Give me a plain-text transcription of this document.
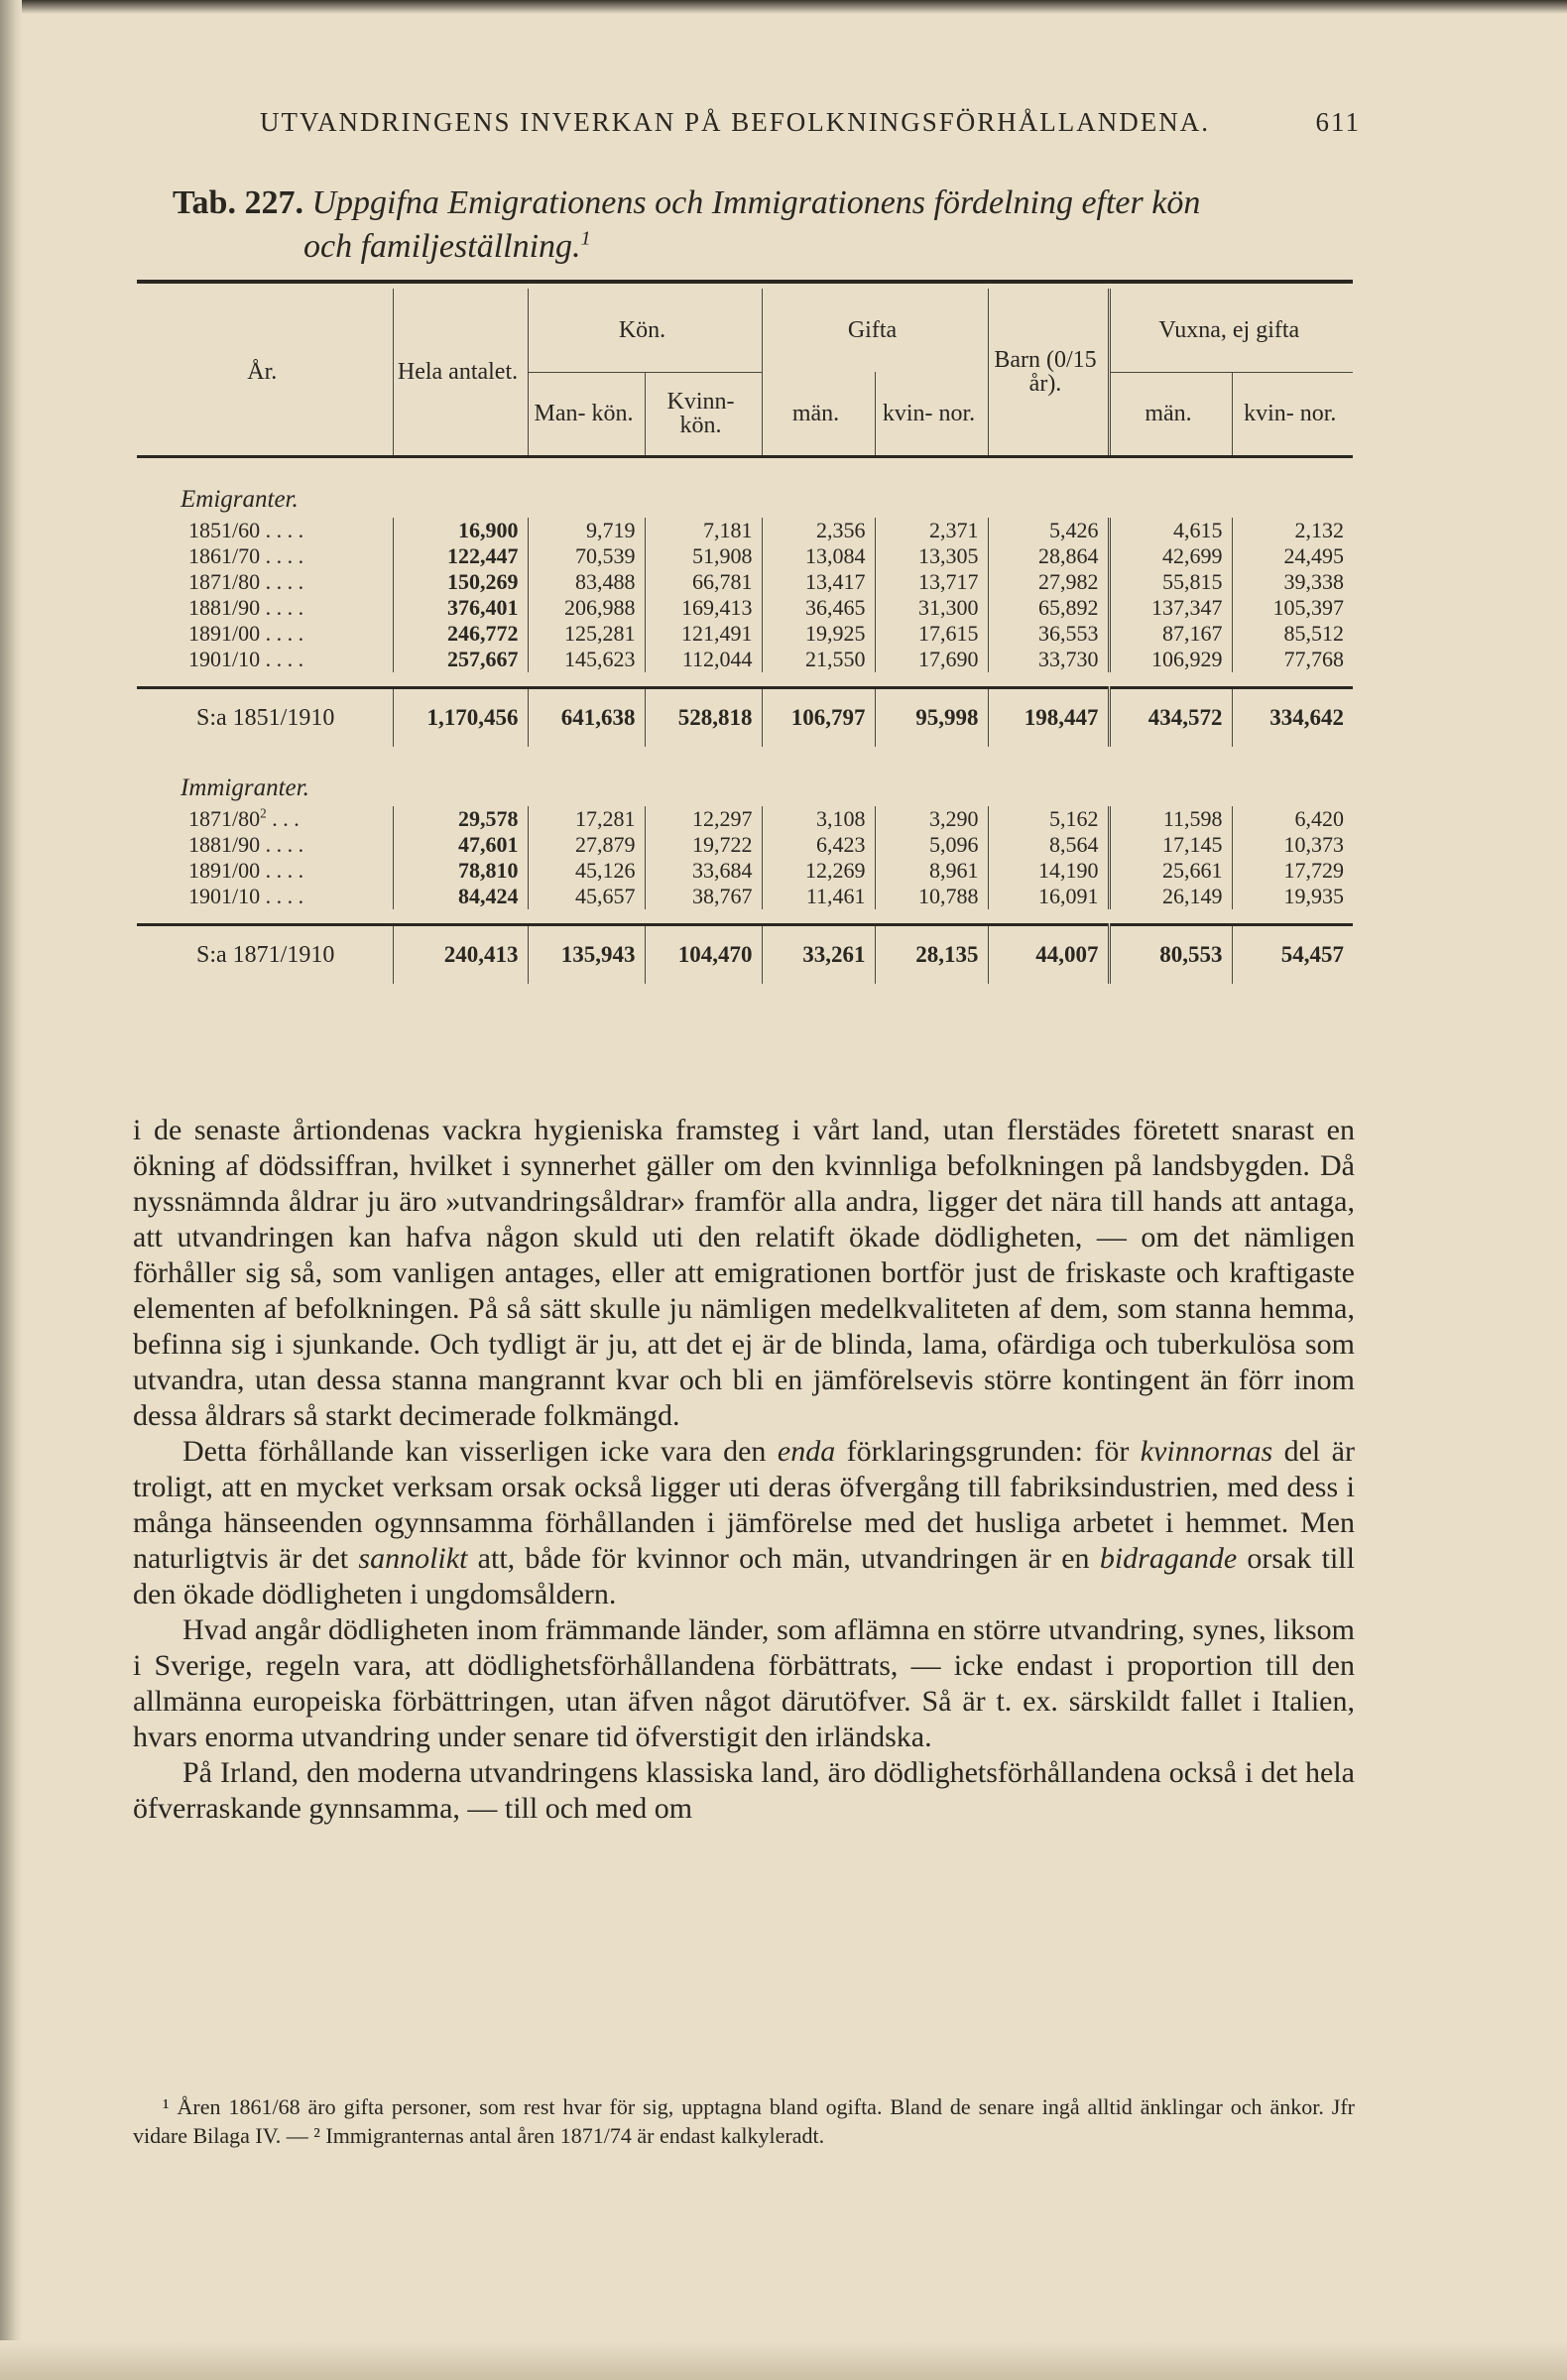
UTVANDRINGENS INVERKAN PÅ BEFOLKNINGSFÖRHÅLLANDENA.	611
Tab. 227. Uppgifna Emigrationens och Immigrationens fördelning efter kön
och familjeställning.$^1$
År.	Hela antalet.	Kön.		Gifta		Barn (0/15 år).	Vuxna, ej gifta	
		Man- kön.	Kvinn- kön.	män.	kvin- nor.		män.	kvin- nor.

Emigranter.								
1851/60 . . . .	16,900	9,719	7,181	2,356	2,371	5,426	4,615	2,132
1861/70 . . . .	122,447	70,539	51,908	13,084	13,305	28,864	42,699	24,495
1871/80 . . . .	150,269	83,488	66,781	13,417	13,717	27,982	55,815	39,338
1881/90 . . . .	376,401	206,988	169,413	36,465	31,300	65,892	137,347	105,397
1891/00 . . . .	246,772	125,281	121,491	19,925	17,615	36,553	87,167	85,512
1901/10 . . . .	257,667	145,623	112,044	21,550	17,690	33,730	106,929	77,768

S:a 1851/1910	1,170,456	641,638	528,818	106,797	95,998	198,447	434,572	334,642
Immigranter.								
$1871/80^2$ . . .	29,578	17,281	12,297	3,108	3,290	5,162	11,598	6,420
1881/90 . . . .	47,601	27,879	19,722	6,423	5,096	8,564	17,145	10,373
1891/00 . . . .	78,810	45,126	33,684	12,269	8,961	14,190	25,661	17,729
1901/10 . . . .	84,424	45,657	38,767	11,461	10,788	16,091	26,149	19,935

S:a 1871/1910	240,413	135,943	104,470	33,261	28,135	44,007	80,553	54,457

i de senaste årtiondenas vackra hygieniska framsteg i vårt land, utan flerstädes företett snarast en ökning af dödssiffran, hvilket i synnerhet gäller om den kvinnliga befolkningen på landsbygden. Då nyssnämnda åldrar ju äro »utvandringsåldrar» framför alla andra, ligger det nära till hands att antaga, att utvandringen kan hafva någon skuld uti den relatift ökade dödligheten, — om det nämligen förhåller sig så, som vanligen antages, eller att emigrationen bortför just de friskaste och kraftigaste elementen af befolkningen. På så sätt skulle ju nämligen medelkvaliteten af dem, som stanna hemma, befinna sig i sjunkande. Och tydligt är ju, att det ej är de blinda, lama, ofärdiga och tuberkulösa som utvandra, utan dessa stanna mangrannt kvar och bli en jämförelsevis större kontingent än förr inom dessa åldrars så starkt decimerade folkmängd.

Detta förhållande kan visserligen icke vara den enda förklaringsgrunden: för kvinnornas del är troligt, att en mycket verksam orsak också ligger uti deras öfvergång till fabriksindustrien, med dess i många hänseenden ogynnsamma förhållanden i jämförelse med det husliga arbetet i hemmet. Men naturligtvis är det sannolikt att, både för kvinnor och män, utvandringen är en bidragande orsak till den ökade dödligheten i ungdomsåldern.

Hvad angår dödligheten inom främmande länder, som aflämna en större utvandring, synes, liksom i Sverige, regeln vara, att dödlighetsförhållandena förbättrats, — icke endast i proportion till den allmänna europeiska förbättringen, utan äfven något därutöfver. Så är t. ex. särskildt fallet i Italien, hvars enorma utvandring under senare tid öfverstigit den irländska.

På Irland, den moderna utvandringens klassiska land, äro dödlighetsförhållandena också i det hela öfverraskande gynnsamma, — till och med om

¹ Åren 1861/68 äro gifta personer, som rest hvar för sig, upptagna bland ogifta. Bland de senare ingå alltid änklingar och änkor. Jfr vidare Bilaga IV. — ² Immigranternas antal åren 1871/74 är endast kalkyleradt.
